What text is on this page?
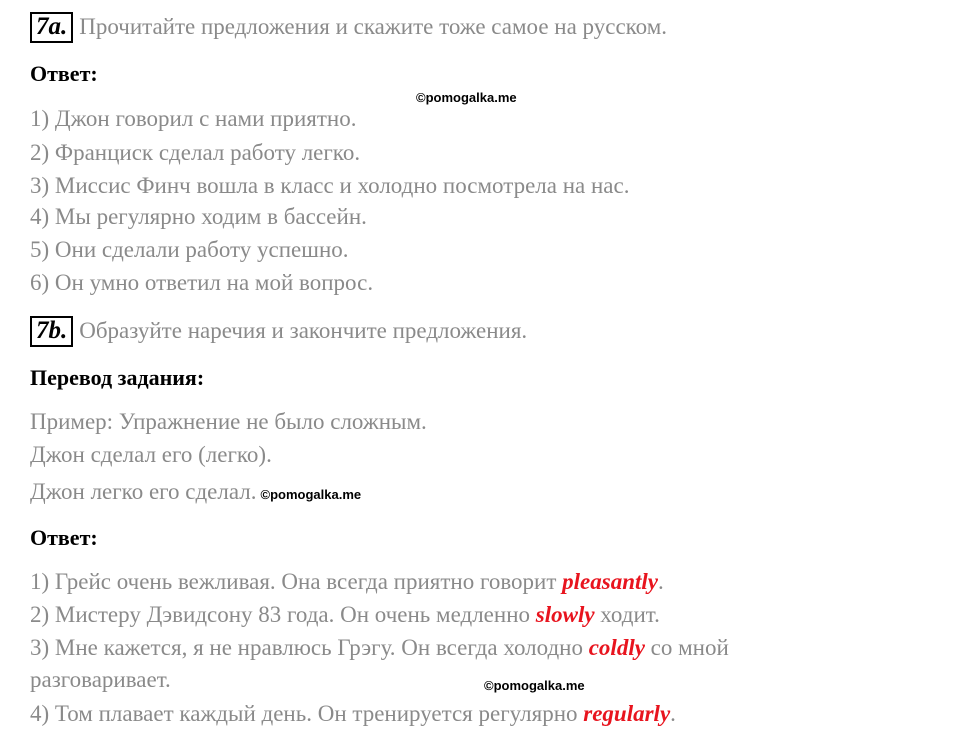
7a. Прочитайте предложения и скажите тоже самое на русском.
Ответ:
©pomogalka.me
1) Джон говорил с нами приятно.
2) Франциск сделал работу легко.
3) Миссис Финч вошла в класс и холодно посмотрела на нас.
4) Мы регулярно ходим в бассейн.
5) Они сделали работу успешно.
6) Он умно ответил на мой вопрос.
7b. Образуйте наречия и закончите предложения.
Перевод задания:
Пример: Упражнение не было сложным.
Джон сделал его (легко).
Джон легко его сделал. ©pomogalka.me
Ответ:
1) Грейс очень вежливая. Она всегда приятно говорит pleasantly.
2) Мистеру Дэвидсону 83 года. Он очень медленно slowly ходит.
3) Мне кажется, я не нравлюсь Грэгу. Он всегда холодно coldly со мной
разговаривает.	©pomogalka.me
4) Том плавает каждый день. Он тренируется регулярно regularly.
